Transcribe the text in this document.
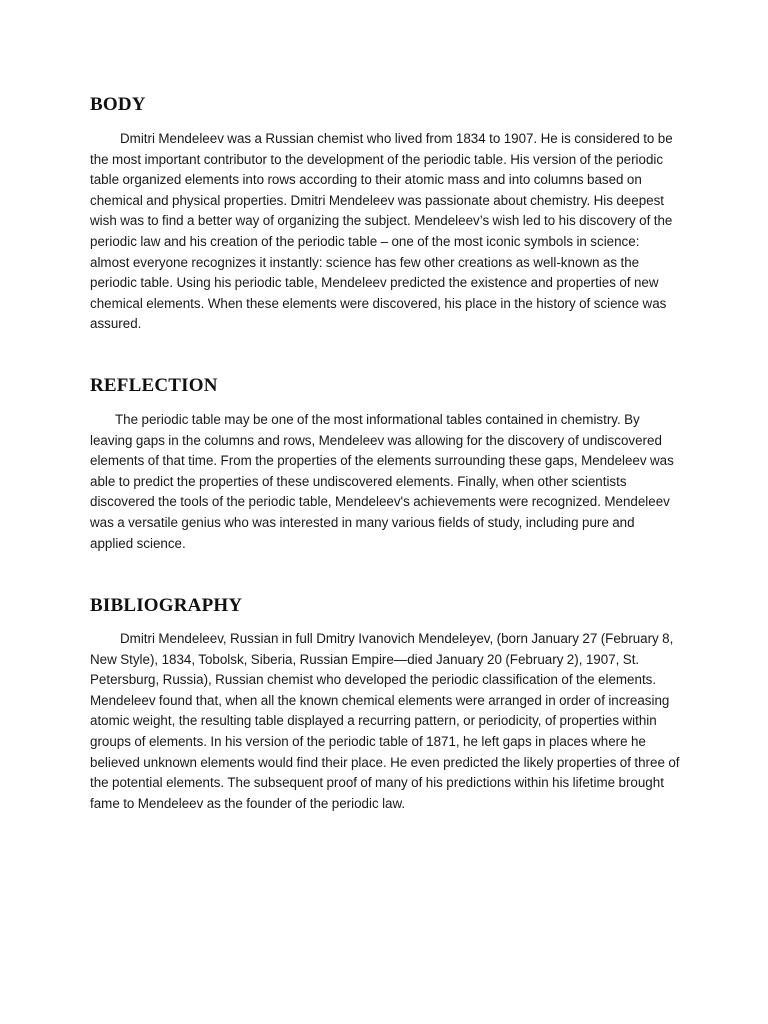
BODY

Dmitri Mendeleev was a Russian chemist who lived from 1834 to 1907. He is considered to be the most important contributor to the development of the periodic table. His version of the periodic table organized elements into rows according to their atomic mass and into columns based on chemical and physical properties. Dmitri Mendeleev was passionate about chemistry. His deepest wish was to find a better way of organizing the subject. Mendeleev’s wish led to his discovery of the periodic law and his creation of the periodic table – one of the most iconic symbols in science: almost everyone recognizes it instantly: science has few other creations as well-known as the periodic table. Using his periodic table, Mendeleev predicted the existence and properties of new chemical elements. When these elements were discovered, his place in the history of science was assured.

REFLECTION

The periodic table may be one of the most informational tables contained in chemistry. By leaving gaps in the columns and rows, Mendeleev was allowing for the discovery of undiscovered elements of that time. From the properties of the elements surrounding these gaps, Mendeleev was able to predict the properties of these undiscovered elements. Finally, when other scientists discovered the tools of the periodic table, Mendeleev's achievements were recognized. Mendeleev was a versatile genius who was interested in many various fields of study, including pure and applied science.

BIBLIOGRAPHY

Dmitri Mendeleev, Russian in full Dmitry Ivanovich Mendeleyev, (born January 27 (February 8, New Style), 1834, Tobolsk, Siberia, Russian Empire—died January 20 (February 2), 1907, St. Petersburg, Russia), Russian chemist who developed the periodic classification of the elements. Mendeleev found that, when all the known chemical elements were arranged in order of increasing atomic weight, the resulting table displayed a recurring pattern, or periodicity, of properties within groups of elements. In his version of the periodic table of 1871, he left gaps in places where he believed unknown elements would find their place. He even predicted the likely properties of three of the potential elements. The subsequent proof of many of his predictions within his lifetime brought fame to Mendeleev as the founder of the periodic law.
